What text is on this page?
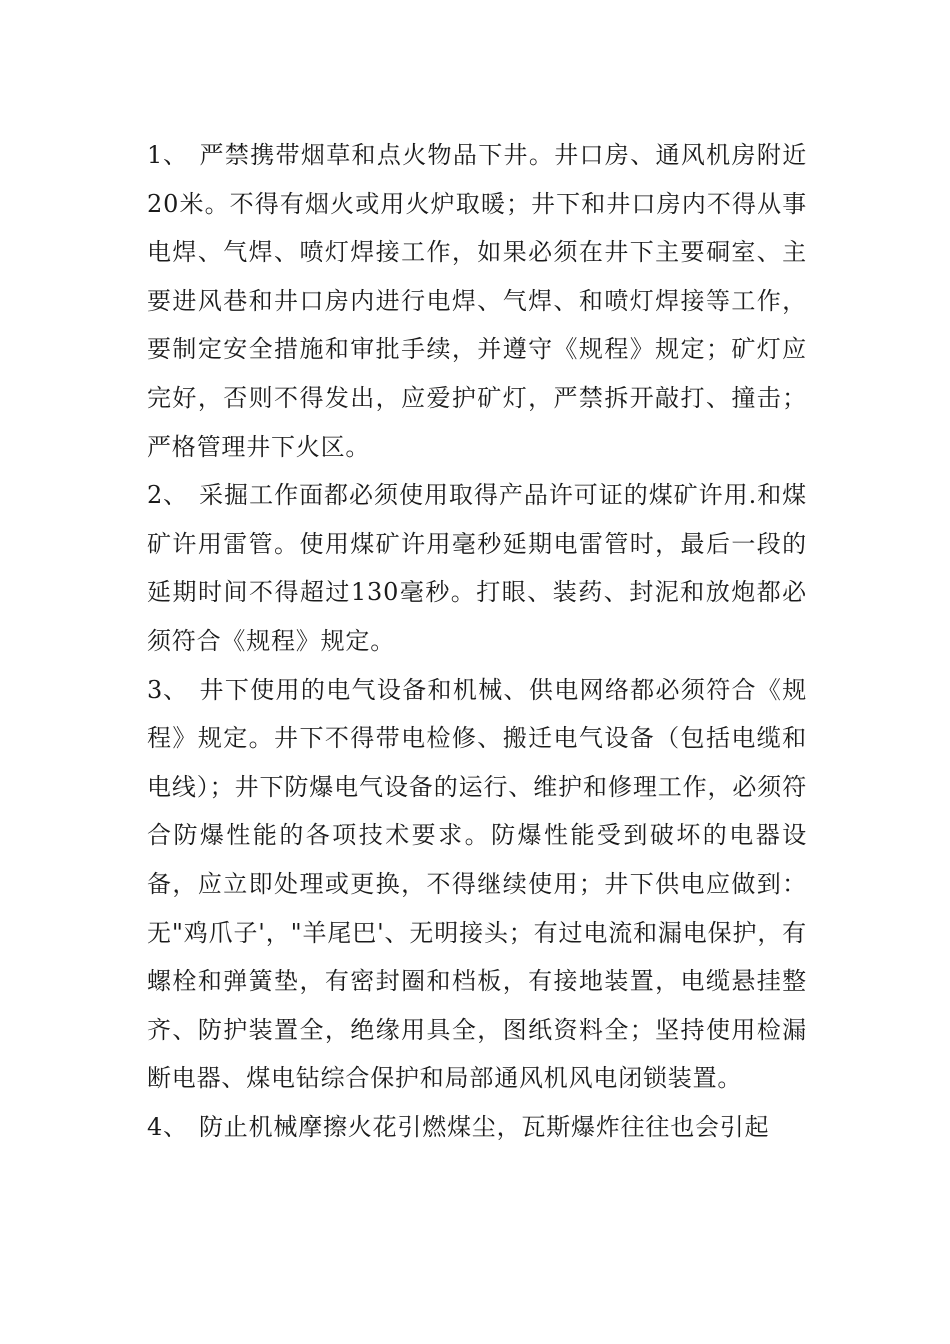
1、 严禁携带烟草和点火物品下井。井口房、通风机房附近20米。不得有烟火或用火炉取暖；井下和井口房内不得从事电焊、气焊、喷灯焊接工作，如果必须在井下主要硐室、主要进风巷和井口房内进行电焊、气焊、和喷灯焊接等工作，要制定安全措施和审批手续，并遵守《规程》规定；矿灯应完好，否则不得发出，应爱护矿灯，严禁拆开敲打、撞击；严格管理井下火区。

2、 采掘工作面都必须使用取得产品许可证的煤矿许用.和煤矿许用雷管。使用煤矿许用毫秒延期电雷管时，最后一段的延期时间不得超过130毫秒。打眼、装药、封泥和放炮都必须符合《规程》规定。

3、 井下使用的电气设备和机械、供电网络都必须符合《规程》规定。井下不得带电检修、搬迁电气设备（包括电缆和电线）；井下防爆电气设备的运行、维护和修理工作，必须符合防爆性能的各项技术要求。防爆性能受到破坏的电器设备，应立即处理或更换，不得继续使用；井下供电应做到：无"鸡爪子'，"羊尾巴'、无明接头；有过电流和漏电保护，有螺栓和弹簧垫，有密封圈和档板，有接地装置，电缆悬挂整齐、防护装置全，绝缘用具全，图纸资料全；坚持使用检漏断电器、煤电钻综合保护和局部通风机风电闭锁装置。

4、 防止机械摩擦火花引燃煤尘，瓦斯爆炸往往也会引起
